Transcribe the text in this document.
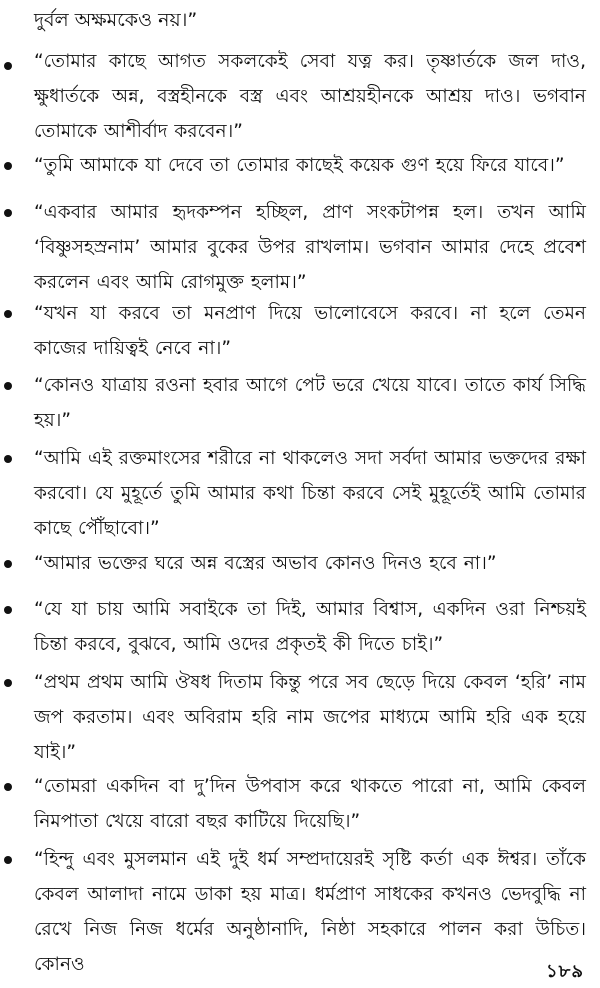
দুর্বল অক্ষমকেও নয়।”
“তোমার কাছে আগত সকলকেই সেবা যত্ন কর। তৃষ্ণার্তকে জল দাও, ক্ষুধার্তকে অন্ন, বস্ত্রহীনকে বস্ত্র এবং আশ্রয়হীনকে আশ্রয় দাও। ভগবান তোমাকে আশীর্বাদ করবেন।”
“তুমি আমাকে যা দেবে তা তোমার কাছেই কয়েক গুণ হয়ে ফিরে যাবে।”
“একবার আমার হৃদকম্পন হচ্ছিল, প্রাণ সংকটাপন্ন হল। তখন আমি ‘বিষ্ণুসহস্রনাম’ আমার বুকের উপর রাখলাম। ভগবান আমার দেহে প্রবেশ করলেন এবং আমি রোগমুক্ত হলাম।”
“যখন যা করবে তা মনপ্রাণ দিয়ে ভালোবেসে করবে। না হলে তেমন কাজের দায়িত্বই নেবে না।”
“কোনও যাত্রায় রওনা হবার আগে পেট ভরে খেয়ে যাবে। তাতে কার্য সিদ্ধি হয়।”
“আমি এই রক্তমাংসের শরীরে না থাকলেও সদা সর্বদা আমার ভক্তদের রক্ষা করবো। যে মুহূর্তে তুমি আমার কথা চিন্তা করবে সেই মুহূর্তেই আমি তোমার কাছে পৌঁছাবো।”
“আমার ভক্তের ঘরে অন্ন বস্ত্রের অভাব কোনও দিনও হবে না।”
“যে যা চায় আমি সবাইকে তা দিই, আমার বিশ্বাস, একদিন ওরা নিশ্চয়ই চিন্তা করবে, বুঝবে, আমি ওদের প্রকৃতই কী দিতে চাই।”
“প্রথম প্রথম আমি ঔষধ দিতাম কিন্তু পরে সব ছেড়ে দিয়ে কেবল ‘হরি’ নাম জপ করতাম। এবং অবিরাম হরি নাম জপের মাধ্যমে আমি হরি এক হয়ে যাই।”
“তোমরা একদিন বা দু’দিন উপবাস করে থাকতে পারো না, আমি কেবল নিমপাতা খেয়ে বারো বছর কাটিয়ে দিয়েছি।”
“হিন্দু এবং মুসলমান এই দুই ধর্ম সম্প্রদায়েরই সৃষ্টি কর্তা এক ঈশ্বর। তাঁকে কেবল আলাদা নামে ডাকা হয় মাত্র। ধর্মপ্রাণ সাধকের কখনও ভেদবুদ্ধি না রেখে নিজ নিজ ধর্মের অনুষ্ঠানাদি, নিষ্ঠা সহকারে পালন করা উচিত। কোনও	১৮৯
